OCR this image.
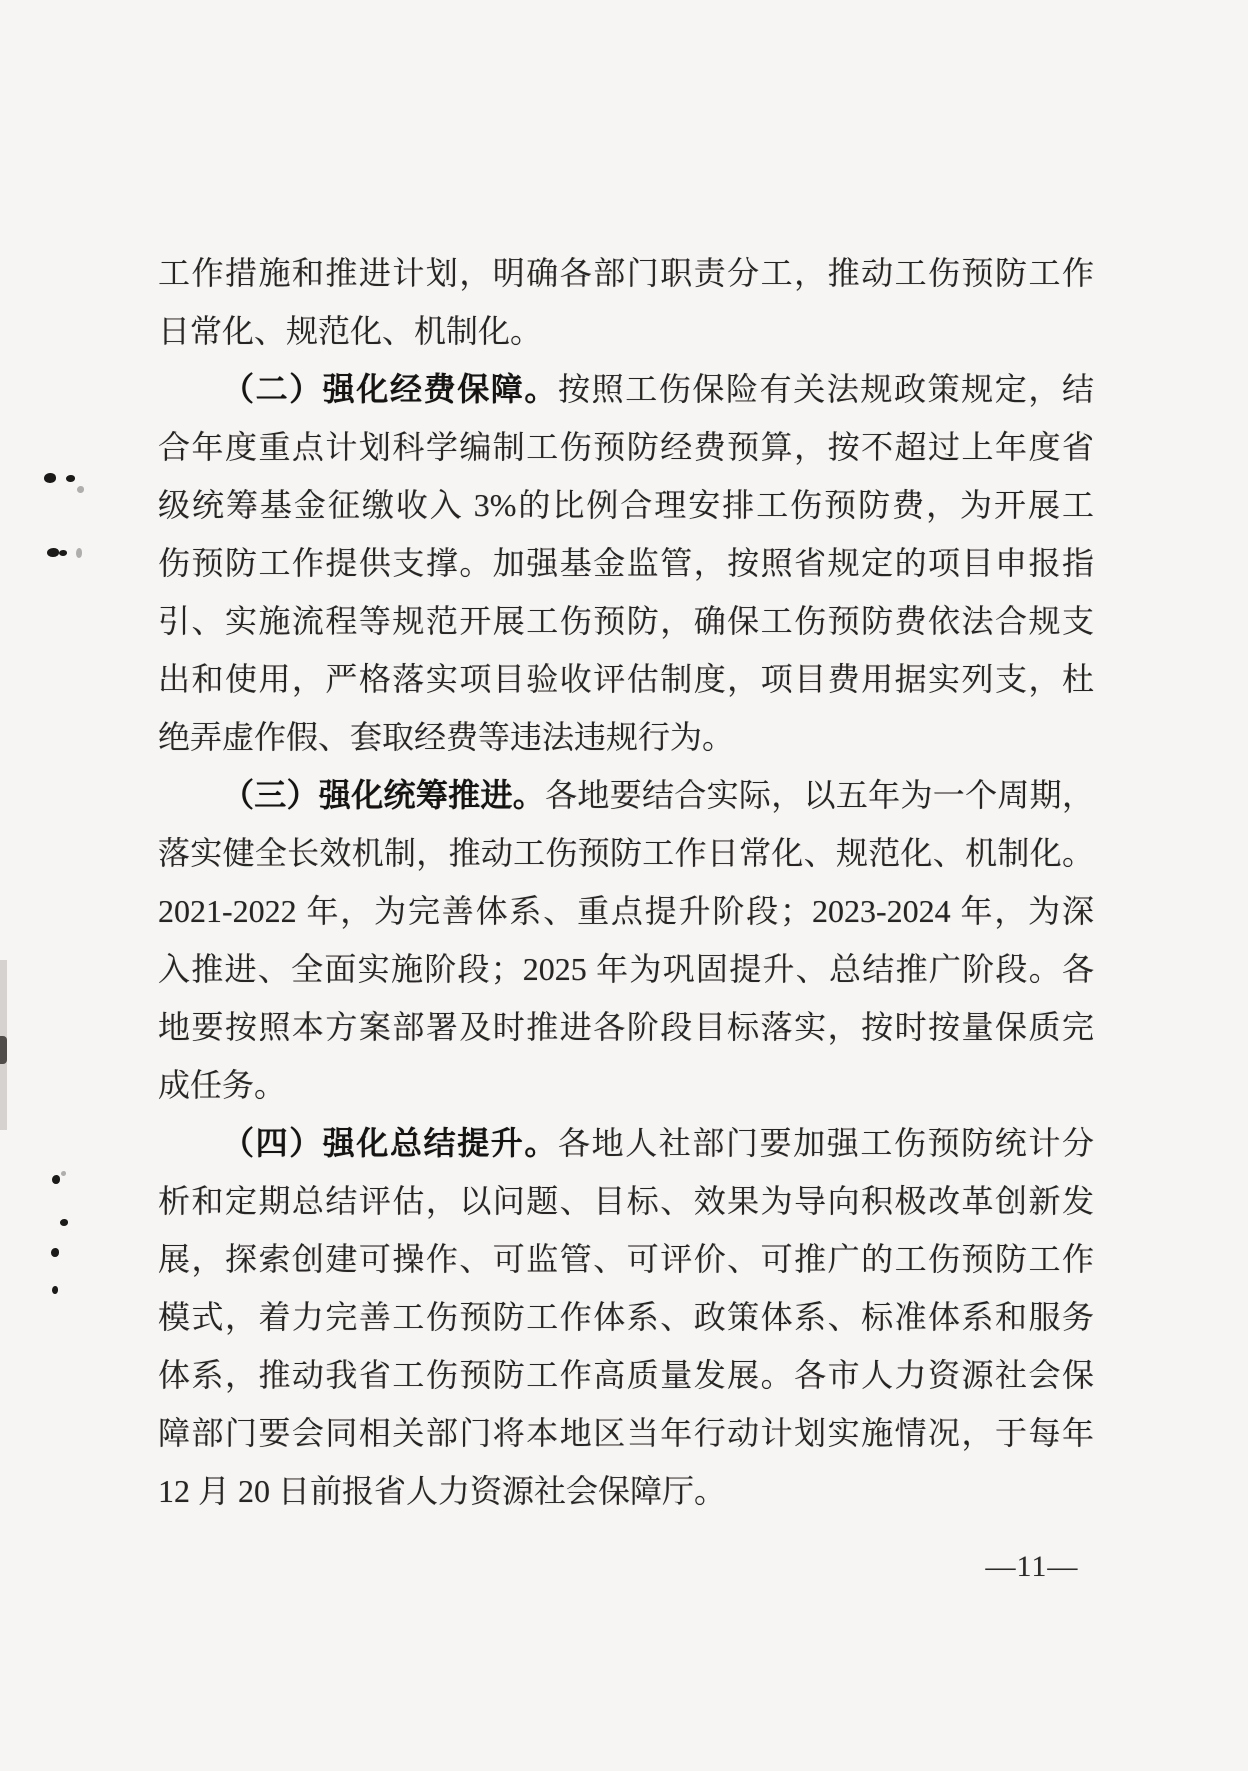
工作措施和推进计划，明确各部门职责分工，推动工伤预防工作
日常化、规范化、机制化。
（二）强化经费保障。按照工伤保险有关法规政策规定，结
合年度重点计划科学编制工伤预防经费预算，按不超过上年度省
级统筹基金征缴收入 3%的比例合理安排工伤预防费，为开展工
伤预防工作提供支撑。加强基金监管，按照省规定的项目申报指
引、实施流程等规范开展工伤预防，确保工伤预防费依法合规支
出和使用，严格落实项目验收评估制度，项目费用据实列支，杜
绝弄虚作假、套取经费等违法违规行为。
（三）强化统筹推进。各地要结合实际，以五年为一个周期，
落实健全长效机制，推动工伤预防工作日常化、规范化、机制化。
2021-2022 年，为完善体系、重点提升阶段；2023-2024 年，为深
入推进、全面实施阶段；2025 年为巩固提升、总结推广阶段。各
地要按照本方案部署及时推进各阶段目标落实，按时按量保质完
成任务。
（四）强化总结提升。各地人社部门要加强工伤预防统计分
析和定期总结评估，以问题、目标、效果为导向积极改革创新发
展，探索创建可操作、可监管、可评价、可推广的工伤预防工作
模式，着力完善工伤预防工作体系、政策体系、标准体系和服务
体系，推动我省工伤预防工作高质量发展。各市人力资源社会保
障部门要会同相关部门将本地区当年行动计划实施情况，于每年
12 月 20 日前报省人力资源社会保障厅。
—11—
